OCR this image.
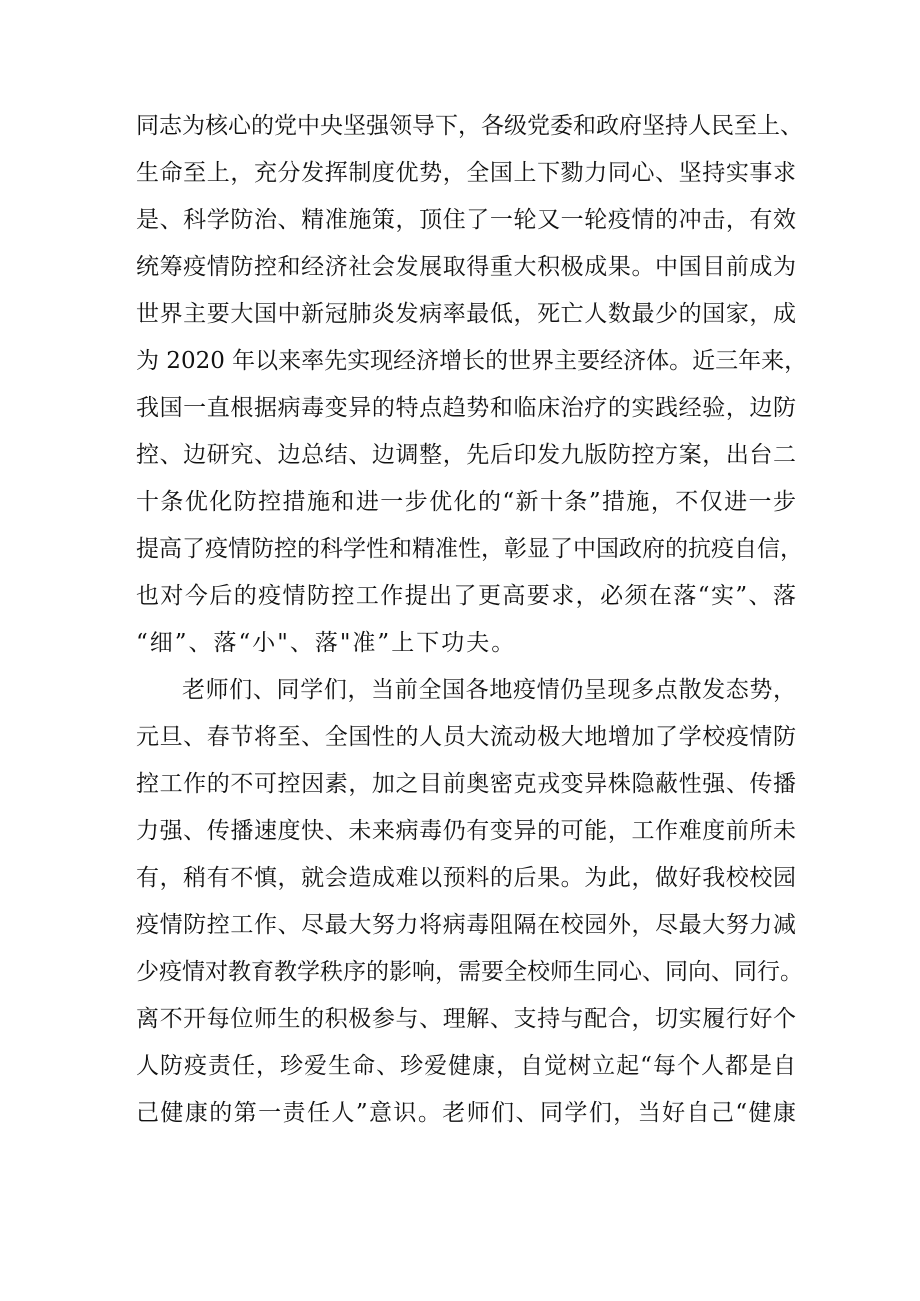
同志为核心的党中央坚强领导下，各级党委和政府坚持人民至上、
生命至上，充分发挥制度优势，全国上下勠力同心、坚持实事求
是、科学防治、精准施策，顶住了一轮又一轮疫情的冲击，有效
统筹疫情防控和经济社会发展取得重大积极成果。中国目前成为
世界主要大国中新冠肺炎发病率最低，死亡人数最少的国家，成
为 2020 年以来率先实现经济增长的世界主要经济体。近三年来，
我国一直根据病毒变异的特点趋势和临床治疗的实践经验，边防
控、边研究、边总结、边调整，先后印发九版防控方案，出台二
十条优化防控措施和进一步优化的“新十条”措施，不仅进一步
提高了疫情防控的科学性和精准性，彰显了中国政府的抗疫自信，
也对今后的疫情防控工作提出了更高要求，必须在落“实”、落
“细”、落“小"、落"准”上下功夫。
老师们、同学们，当前全国各地疫情仍呈现多点散发态势，
元旦、春节将至、全国性的人员大流动极大地增加了学校疫情防
控工作的不可控因素，加之目前奥密克戎变异株隐蔽性强、传播
力强、传播速度快、未来病毒仍有变异的可能，工作难度前所未
有，稍有不慎，就会造成难以预料的后果。为此，做好我校校园
疫情防控工作、尽最大努力将病毒阻隔在校园外，尽最大努力减
少疫情对教育教学秩序的影响，需要全校师生同心、同向、同行。
离不开每位师生的积极参与、理解、支持与配合，切实履行好个
人防疫责任，珍爱生命、珍爱健康，自觉树立起“每个人都是自
己健康的第一责任人”意识。老师们、同学们，当好自己“健康
